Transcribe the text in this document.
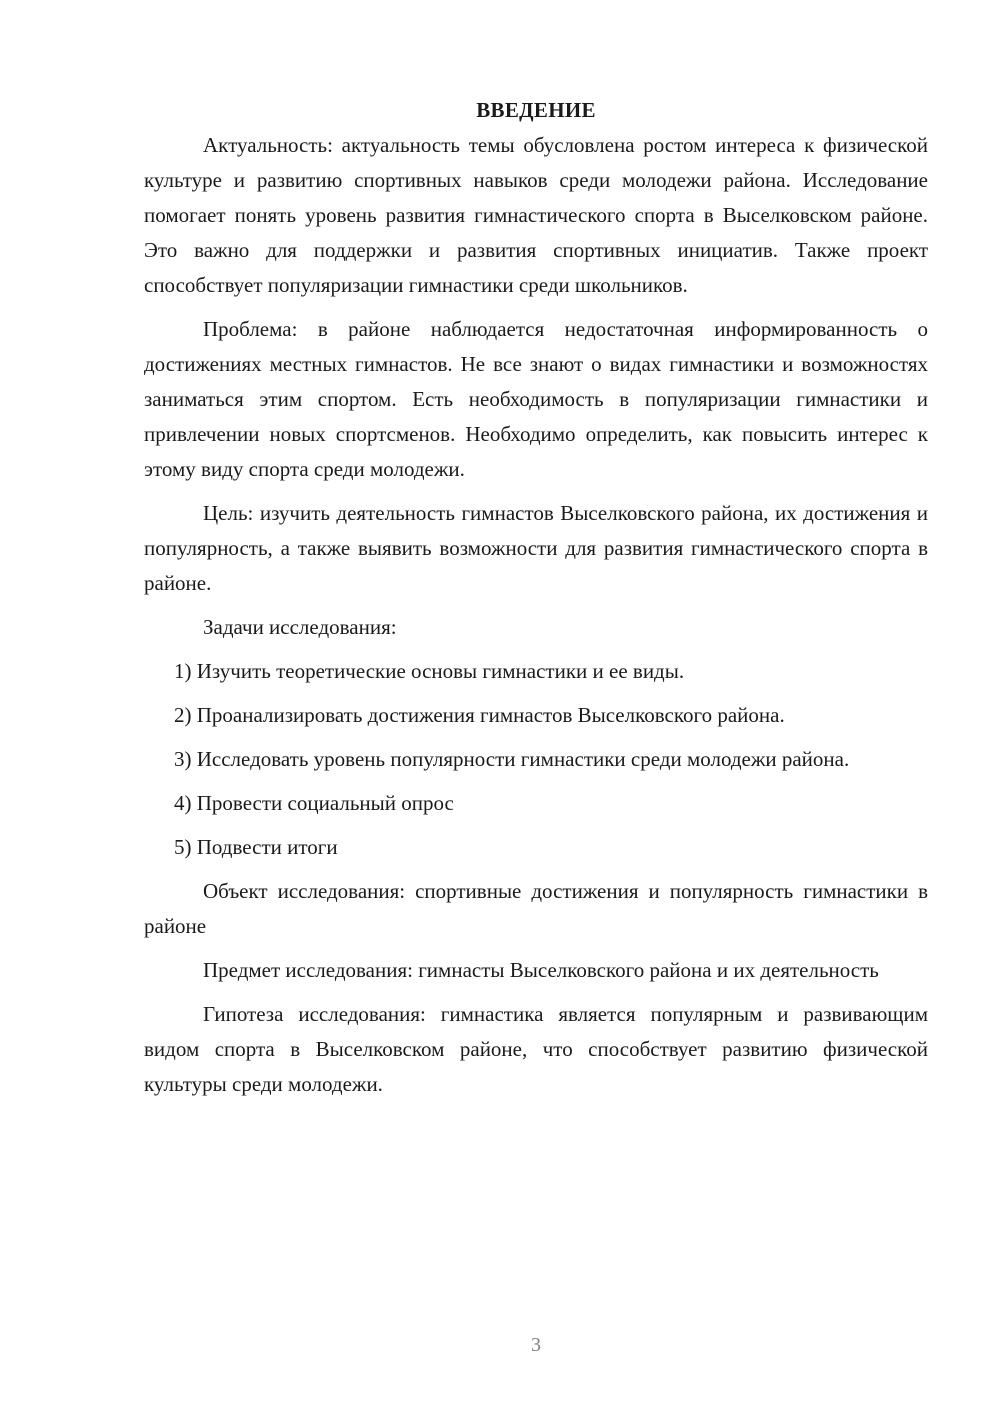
ВВЕДЕНИЕ

Актуальность: актуальность темы обусловлена ростом интереса к физической культуре и развитию спортивных навыков среди молодежи района. Исследование помогает понять уровень развития гимнастического спорта в Выселковском районе. Это важно для поддержки и развития спортивных инициатив. Также проект способствует популяризации гимнастики среди школьников.

Проблема: в районе наблюдается недостаточная информированность о достижениях местных гимнастов. Не все знают о видах гимнастики и возможностях заниматься этим спортом. Есть необходимость в популяризации гимнастики и привлечении новых спортсменов. Необходимо определить, как повысить интерес к этому виду спорта среди молодежи.

Цель: изучить деятельность гимнастов Выселковского района, их достижения и популярность, а также выявить возможности для развития гимнастического спорта в районе.

Задачи исследования:

1) Изучить теоретические основы гимнастики и ее виды.

2) Проанализировать достижения гимнастов Выселковского района.

3) Исследовать уровень популярности гимнастики среди молодежи района.

4) Провести социальный опрос

5) Подвести итоги

Объект исследования: спортивные достижения и популярность гимнастики в районе

Предмет исследования: гимнасты Выселковского района и их деятельность

Гипотеза исследования: гимнастика является популярным и развивающим видом спорта в Выселковском районе, что способствует развитию физической культуры среди молодежи.

3
